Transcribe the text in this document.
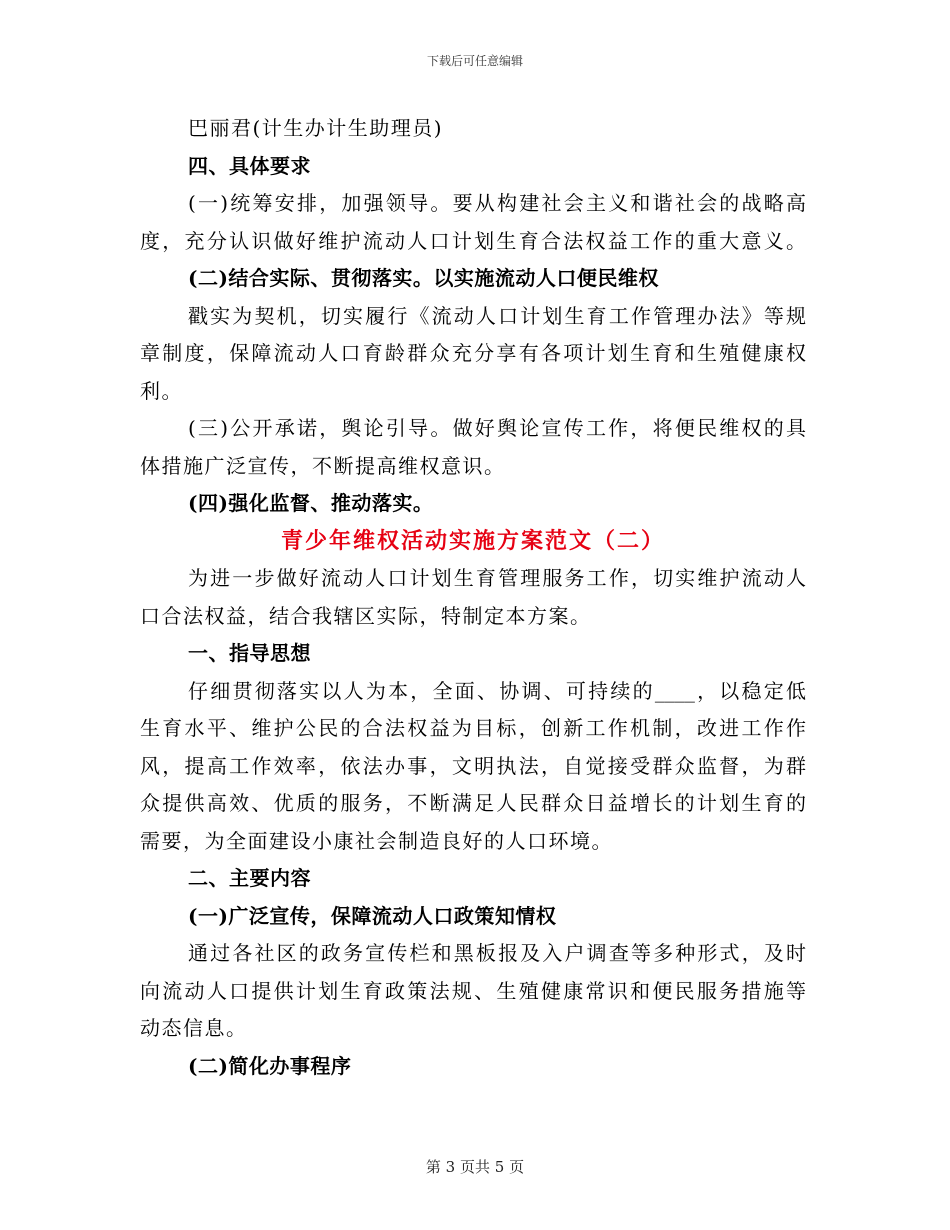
下载后可任意编辑
巴丽君(计生办计生助理员)
四、具体要求
(一)统筹安排，加强领导。要从构建社会主义和谐社会的战略高
度，充分认识做好维护流动人口计划生育合法权益工作的重大意义。
(二)结合实际、贯彻落实。以实施流动人口便民维权
戳实为契机，切实履行《流动人口计划生育工作管理办法》等规
章制度，保障流动人口育龄群众充分享有各项计划生育和生殖健康权
利。
(三)公开承诺，舆论引导。做好舆论宣传工作，将便民维权的具
体措施广泛宣传，不断提高维权意识。
(四)强化监督、推动落实。
青少年维权活动实施方案范文（二）
为进一步做好流动人口计划生育管理服务工作，切实维护流动人
口合法权益，结合我辖区实际，特制定本方案。
一、指导思想
仔细贯彻落实以人为本，全面、协调、可持续的____，以稳定低
生育水平、维护公民的合法权益为目标，创新工作机制，改进工作作
风，提高工作效率，依法办事，文明执法，自觉接受群众监督，为群
众提供高效、优质的服务，不断满足人民群众日益增长的计划生育的
需要，为全面建设小康社会制造良好的人口环境。
二、主要内容
(一)广泛宣传，保障流动人口政策知情权
通过各社区的政务宣传栏和黑板报及入户调查等多种形式，及时
向流动人口提供计划生育政策法规、生殖健康常识和便民服务措施等
动态信息。
(二)简化办事程序
第 3 页共 5 页
